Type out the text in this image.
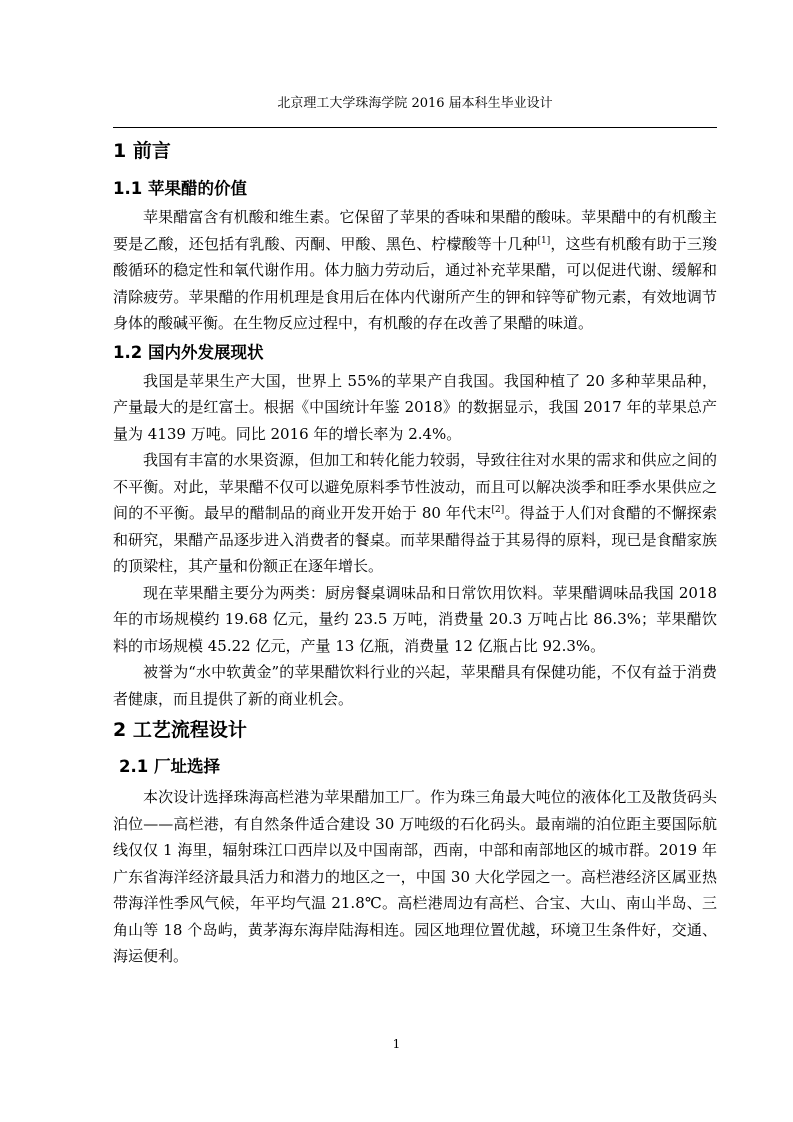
北京理工大学珠海学院 2016 届本科生毕业设计
1 前言
1.1 苹果醋的价值

苹果醋富含有机酸和维生素。它保留了苹果的香味和果醋的酸味。苹果醋中的有机酸主要是乙酸，还包括有乳酸、丙酮、甲酸、黑色、柠檬酸等十几种[1]，这些有机酸有助于三羧酸循环的稳定性和氧代谢作用。体力脑力劳动后，通过补充苹果醋，可以促进代谢、缓解和清除疲劳。苹果醋的作用机理是食用后在体内代谢所产生的钾和锌等矿物元素，有效地调节身体的酸碱平衡。在生物反应过程中，有机酸的存在改善了果醋的味道。

1.2 国内外发展现状

我国是苹果生产大国，世界上 55%的苹果产自我国。我国种植了 20 多种苹果品种，产量最大的是红富士。根据《中国统计年鉴 2018》的数据显示，我国 2017 年的苹果总产量为 4139 万吨。同比 2016 年的增长率为 2.4%。

我国有丰富的水果资源，但加工和转化能力较弱，导致往往对水果的需求和供应之间的不平衡。对此，苹果醋不仅可以避免原料季节性波动，而且可以解决淡季和旺季水果供应之间的不平衡。最早的醋制品的商业开发开始于 80 年代末[2]。得益于人们对食醋的不懈探索和研究，果醋产品逐步进入消费者的餐桌。而苹果醋得益于其易得的原料，现已是食醋家族的顶梁柱，其产量和份额正在逐年增长。

现在苹果醋主要分为两类：厨房餐桌调味品和日常饮用饮料。苹果醋调味品我国 2018 年的市场规模约 19.68 亿元，量约 23.5 万吨，消费量 20.3 万吨占比 86.3%；苹果醋饮料的市场规模 45.22 亿元，产量 13 亿瓶，消费量 12 亿瓶占比 92.3%。

被誉为“水中软黄金”的苹果醋饮料行业的兴起，苹果醋具有保健功能，不仅有益于消费者健康，而且提供了新的商业机会。

2 工艺流程设计
2.1 厂址选择

本次设计选择珠海高栏港为苹果醋加工厂。作为珠三角最大吨位的液体化工及散货码头泊位——高栏港，有自然条件适合建设 30 万吨级的石化码头。最南端的泊位距主要国际航线仅仅 1 海里，辐射珠江口西岸以及中国南部，西南，中部和南部地区的城市群。2019 年广东省海洋经济最具活力和潜力的地区之一，中国 30 大化学园之一。高栏港经济区属亚热带海洋性季风气候，年平均气温 21.8℃。高栏港周边有高栏、合宝、大山、南山半岛、三角山等 18 个岛屿，黄茅海东海岸陆海相连。园区地理位置优越，环境卫生条件好，交通、海运便利。

1
